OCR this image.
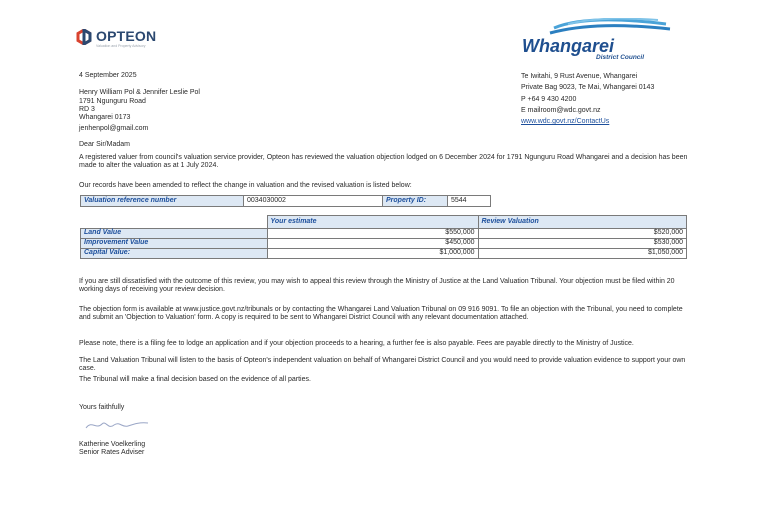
OPTEON
Valuation and Property Advisory	Whangarei
District Council
Te Iwitahi, 9 Rust Avenue, Whangarei
Private Bag 9023, Te Mai, Whangarei 0143
P +64 9 430 4200
E mailroom@wdc.govt.nz
www.wdc.govt.nz/ContactUs
4 September 2025
Henry William Pol & Jennifer Leslie Pol
1791 Ngunguru Road
RD 3
Whangarei 0173
jenhenpol@gmail.com
Dear Sir/Madam
A registered valuer from council's valuation service provider, Opteon has reviewed the valuation objection lodged on 6 December 2024 for 1791 Ngunguru Road Whangarei and a decision has been made to alter the valuation as at 1 July 2024.
Our records have been amended to reflect the change in valuation and the revised valuation is listed below:
Valuation reference number	0034030002	Property ID:	5544
	Your estimate	Review Valuation
Land Value	$550,000	$520,000
Improvement Value	$450,000	$530,000
Capital Value:	$1,000,000	$1,050,000
If you are still dissatisfied with the outcome of this review, you may wish to appeal this review through the Ministry of Justice at the Land Valuation Tribunal. Your objection must be filed within 20 working days of receiving your review decision.
The objection form is available at www.justice.govt.nz/tribunals or by contacting the Whangarei Land Valuation Tribunal on 09 916 9091. To file an objection with the Tribunal, you need to complete and submit an 'Objection to Valuation' form. A copy is required to be sent to Whangarei District Council with any relevant documentation attached.
Please note, there is a filing fee to lodge an application and if your objection proceeds to a hearing, a further fee is also payable. Fees are payable directly to the Ministry of Justice.
The Land Valuation Tribunal will listen to the basis of Opteon's independent valuation on behalf of Whangarei District Council and you would need to provide valuation evidence to support your own case.
The Tribunal will make a final decision based on the evidence of all parties.
Yours faithfully
Katherine Voelkerling
Senior Rates Adviser
